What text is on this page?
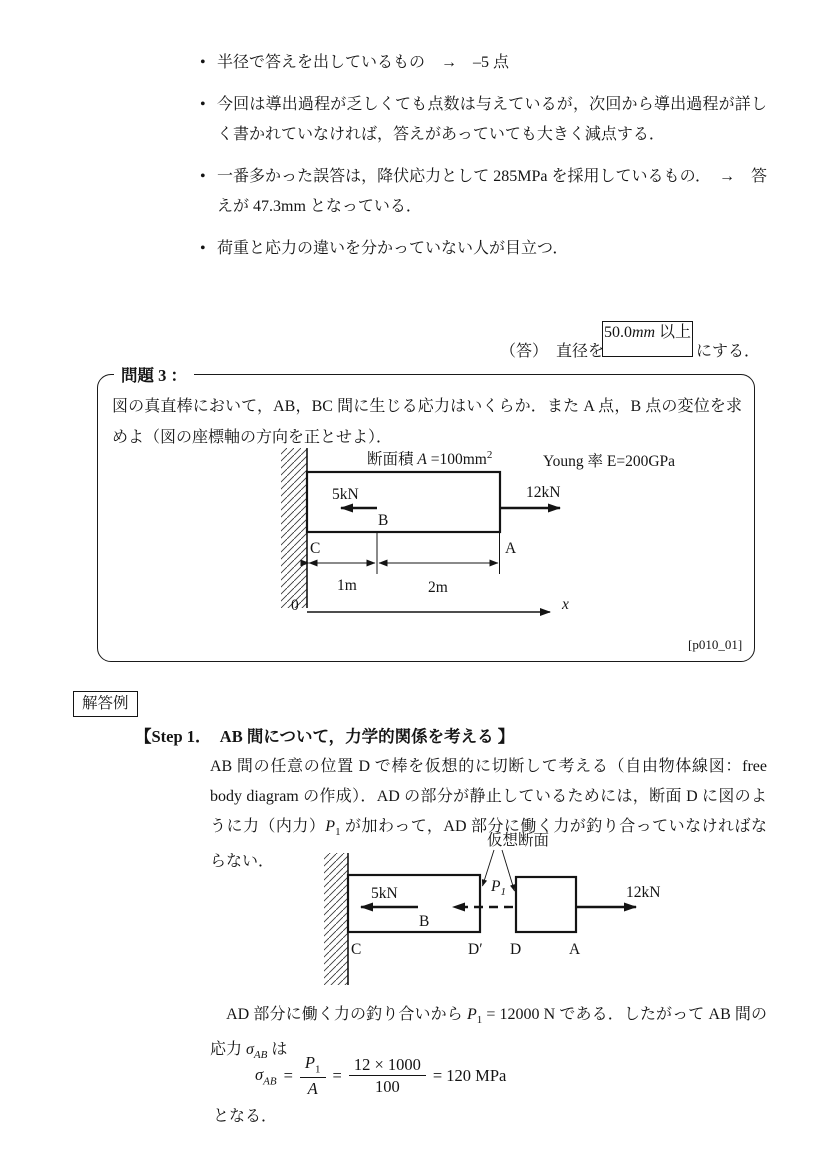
• 半径で答えを出しているもの　→　–5 点
• 今回は導出過程が乏しくても点数は与えているが，次回から導出過程が詳しく書かれていなければ，答えがあっていても大きく減点する．
• 一番多かった誤答は，降伏応力として 285MPa を採用しているもの．　→　答えが 47.3mm となっている．
• 荷重と応力の違いを分かっていない人が目立つ．
（答）　直径を
50.0mm 以上
にする．
問題 3 ：
図の真直棒において，AB，BC 間に生じる応力はいくらか．また A 点，B 点の変位を求めよ（図の座標軸の方向を正とせよ）．
[p010_01]
断面積 $A =100mm^2$	Young 率 E=200GPa
5kN	12kN
B
C	A
1m	2m
0	x
解答例
【Step 1．　AB 間について，力学的関係を考える 】
AB 間の任意の位置 D で棒を仮想的に切断して考える（自由物体線図：free body diagram の作成）．AD の部分が静止しているためには，断面 D に図のように力（内力）$P_1$ が加わって，AD 部分に働く力が釣り合っていなければならない．
仮想断面
$P_1$
5kN	12kN
B
C	D′ D	A
　AD 部分に働く力の釣り合いから $P_1 = 12000$ N である．したがって AB 間の応力 $\sigma_{AB}$ は
$\sigma_{AB} = \frac{P_1}{A} = \frac{12 \times 1000}{100} = 120$ MPa
となる．
